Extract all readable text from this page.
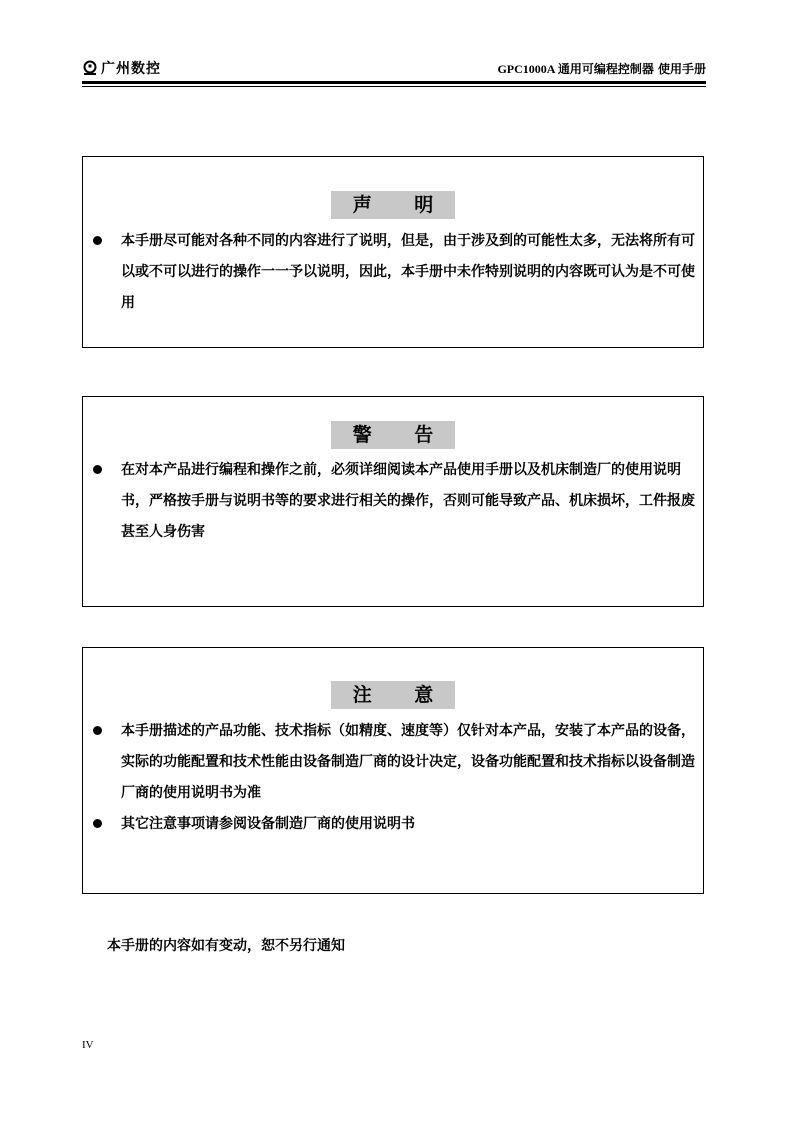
广州数控	GPC1000A 通用可编程控制器 使用手册
声 明
本手册尽可能对各种不同的内容进行了说明，但是，由于涉及到的可能性太多，无法将所有可以或不可以进行的操作一一予以说明，因此，本手册中未作特别说明的内容既可认为是不可使用
警 告
在对本产品进行编程和操作之前，必须详细阅读本产品使用手册以及机床制造厂的使用说明书，严格按手册与说明书等的要求进行相关的操作，否则可能导致产品、机床损坏，工件报废甚至人身伤害
注 意
本手册描述的产品功能、技术指标（如精度、速度等）仅针对本产品，安装了本产品的设备，实际的功能配置和技术性能由设备制造厂商的设计决定，设备功能配置和技术指标以设备制造厂商的使用说明书为准
其它注意事项请参阅设备制造厂商的使用说明书
本手册的内容如有变动，恕不另行通知
IV
